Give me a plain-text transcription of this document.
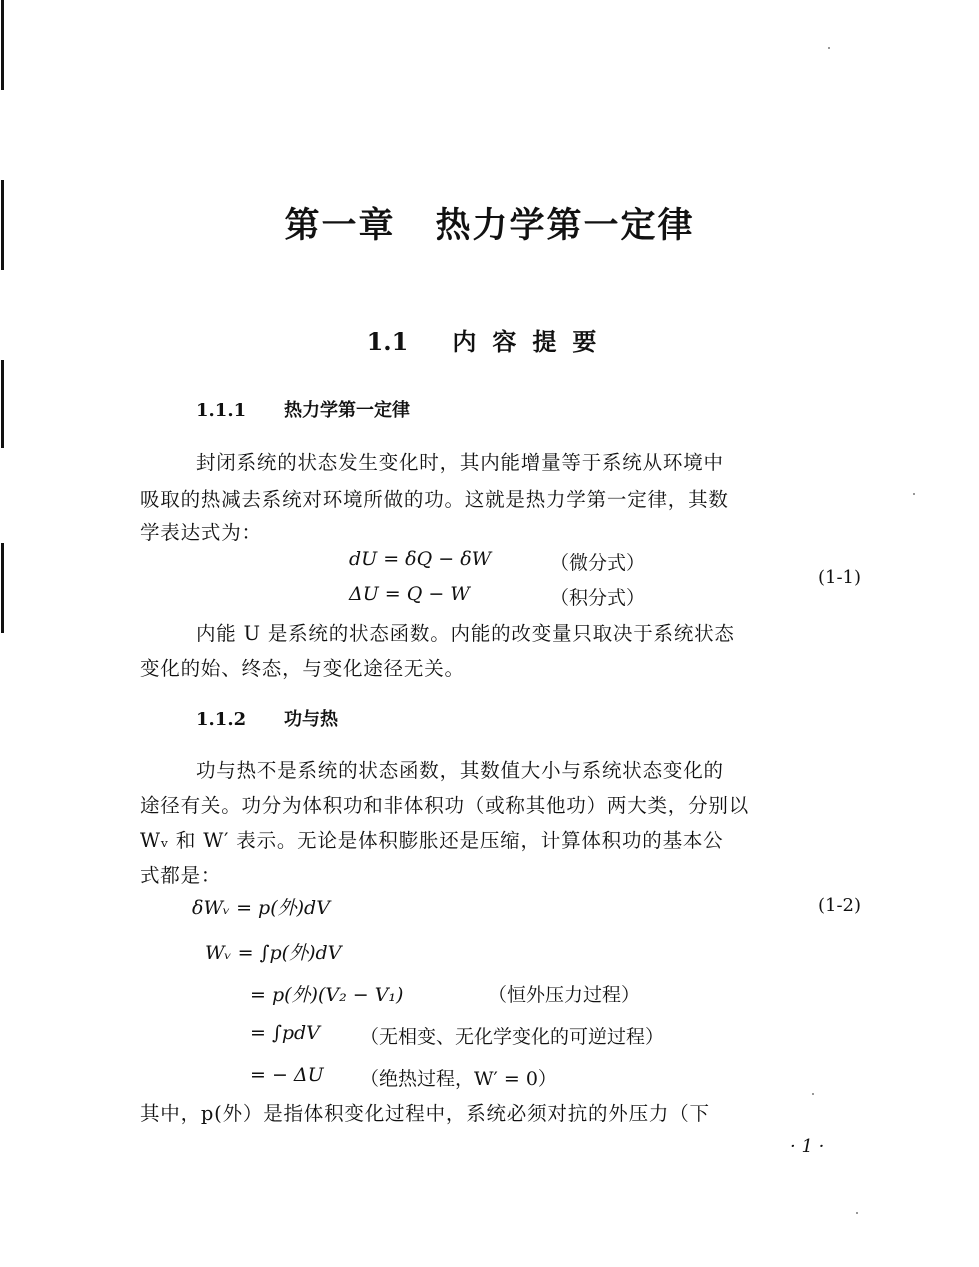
第一章 热力学第一定律
1.1 内容提要
1.1.1 热力学第一定律
封闭系统的状态发生变化时，其内能增量等于系统从环境中
吸取的热减去系统对环境所做的功。这就是热力学第一定律，其数
学表达式为：
dU = δQ − δW	（微分式）
ΔU = Q − W	（积分式）
(1-1)
内能 U 是系统的状态函数。内能的改变量只取决于系统状态
变化的始、终态，与变化途径无关。
1.1.2 功与热
功与热不是系统的状态函数，其数值大小与系统状态变化的
途径有关。功分为体积功和非体积功（或称其他功）两大类，分别以
Wᵥ 和 W′ 表示。无论是体积膨胀还是压缩，计算体积功的基本公
式都是：
δWᵥ = p(外)dV	(1-2)
Wᵥ = ∫p(外)dV
= p(外)(V₂ − V₁)	（恒外压力过程）
= ∫pdV （无相变、无化学变化的可逆过程）
= − ΔU （绝热过程，W′ = 0）
其中，p(外）是指体积变化过程中，系统必须对抗的外压力（下
· 1 ·
